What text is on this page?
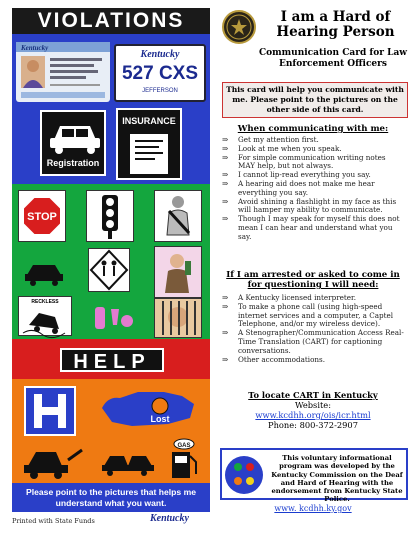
VIOLATIONS
Kentucky
Kentucky
527 CXS
JEFFERSON
Registration
INSURANCE
STOP
RECKLESS
HELP
Lost
GAS
Please point to the pictures that helps me understand what you want.
I am a Hard of Hearing Person
Communication Card for Law Enforcement Officers
This card will help you communicate with me. Please point to the pictures on the other side of this card.
When communicating with me:
⇒ Get my attention first.
⇒ Look at me when you speak.
⇒ For simple communication writing notes MAY help, but not always.
⇒ I cannot lip-read everything you say.
⇒ A hearing aid does not make me hear everything you say.
⇒ Avoid shining a flashlight in my face as this will hamper my ability to communicate.
⇒ Though I may speak for myself this does not mean I can hear and understand what you say.
If I am arrested or asked to come in for questioning I will need:
⇒ A Kentucky licensed interpreter.
⇒ To make a phone call (using high-speed internet services and a computer, a Captel Telephone, and/or my wireless device).
⇒ A Stenographer/Communication Access Real-Time Translation (CART) for captioning conversations.
⇒ Other accommodations.
To locate CART in Kentucky
Website:
www.kcdhh.org/ois/icr.html
Phone: 800-372-2907
This voluntary informational program was developed by the Kentucky Commission on the Deaf and Hard of Hearing with the endorsement from Kentucky State Police.
www. kcdhh.ky.gov
Printed with State Funds	Kentucky
